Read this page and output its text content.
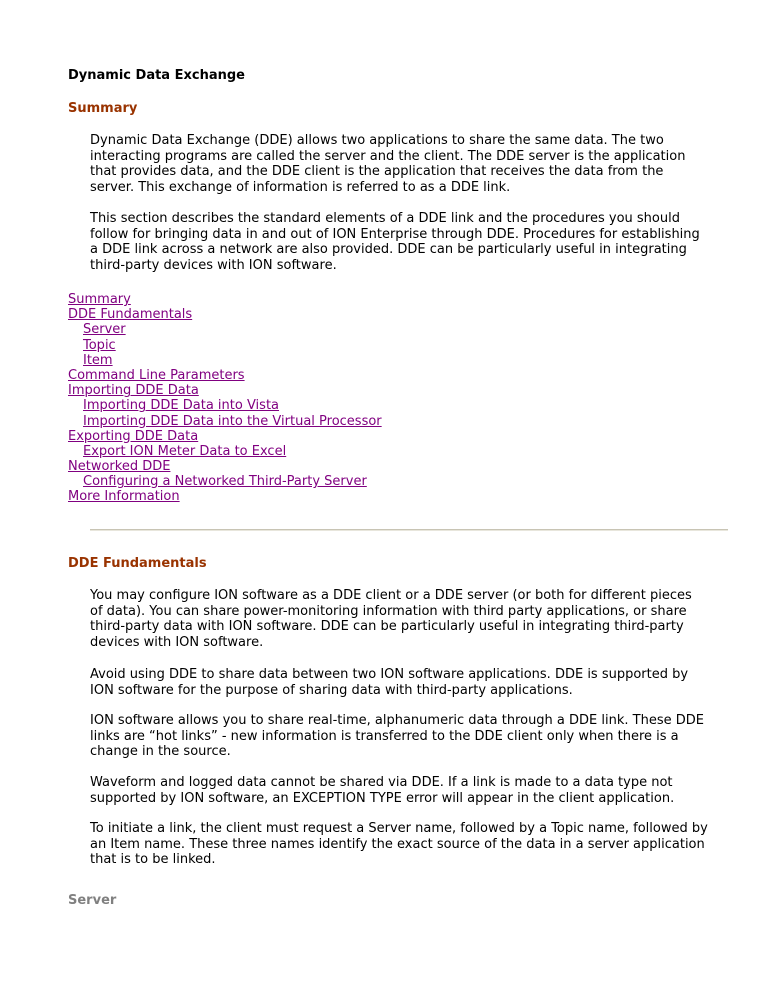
Dynamic Data Exchange
Summary

Dynamic Data Exchange (DDE) allows two applications to share the same data. The two interacting programs are called the server and the client. The DDE server is the application that provides data, and the DDE client is the application that receives the data from the server. This exchange of information is referred to as a DDE link.

This section describes the standard elements of a DDE link and the procedures you should follow for bringing data in and out of ION Enterprise through DDE. Procedures for establishing a DDE link across a network are also provided. DDE can be particularly useful in integrating third-party devices with ION software.

Summary
DDE Fundamentals
Server
Topic
Item
Command Line Parameters
Importing DDE Data
Importing DDE Data into Vista
Importing DDE Data into the Virtual Processor
Exporting DDE Data
Export ION Meter Data to Excel
Networked DDE
Configuring a Networked Third-Party Server
More Information
DDE Fundamentals

You may configure ION software as a DDE client or a DDE server (or both for different pieces of data). You can share power-monitoring information with third party applications, or share third-party data with ION software. DDE can be particularly useful in integrating third-party devices with ION software.

Avoid using DDE to share data between two ION software applications. DDE is supported by ION software for the purpose of sharing data with third-party applications.

ION software allows you to share real-time, alphanumeric data through a DDE link. These DDE links are “hot links” - new information is transferred to the DDE client only when there is a change in the source.

Waveform and logged data cannot be shared via DDE. If a link is made to a data type not supported by ION software, an EXCEPTION TYPE error will appear in the client application.

To initiate a link, the client must request a Server name, followed by a Topic name, followed by an Item name. These three names identify the exact source of the data in a server application that is to be linked.

Server
